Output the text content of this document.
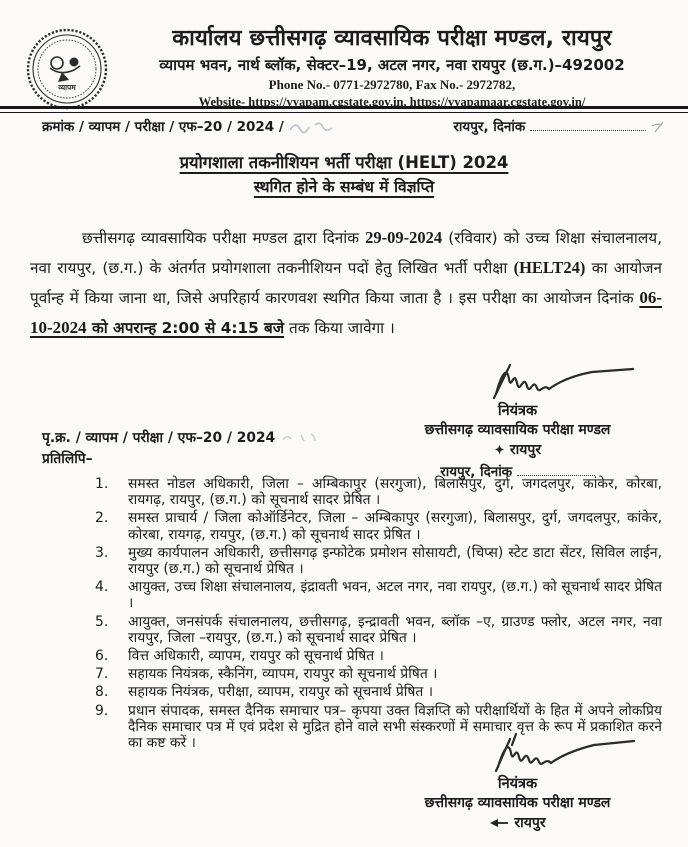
व्यापम
कार्यालय छत्तीसगढ़ व्यावसायिक परीक्षा मण्डल, रायपुर
व्यापम भवन, नार्थ ब्लॉक, सेक्टर–19, अटल नगर, नवा रायपुर (छ.ग.)–492002
Phone No.- 0771-2972780, Fax No.- 2972782,
Website- https://vyapam.cgstate.gov.in, https://vyapamaar.cgstate.gov.in/
क्रमांक / व्यापम / परीक्षा / एफ–20 / 2024 /	रायपुर, दिनांक
प्रयोगशाला तकनीशियन भर्ती परीक्षा (HELT) 2024
स्थगित होने के सम्बंध में विज्ञप्ति
छत्तीसगढ़ व्यावसायिक परीक्षा मण्डल द्वारा दिनांक 29-09-2024 (रविवार) को उच्च शिक्षा संचालनालय, नवा रायपुर, (छ.ग.) के अंतर्गत प्रयोगशाला तकनीशियन पदों हेतु लिखित भर्ती परीक्षा (HELT24) का आयोजन पूर्वान्ह में किया जाना था, जिसे अपरिहार्य कारणवश स्थगित किया जाता है । इस परीक्षा का आयोजन दिनांक 06-10-2024 को अपरान्ह 2:00 से 4:15 बजे तक किया जावेगा ।
नियंत्रक
छत्तीसगढ़ व्यावसायिक परीक्षा मण्डल
रायपुर
रायपुर, दिनांक
पृ.क्र. / व्यापम / परीक्षा / एफ–20 / 2024
प्रतिलिपि–
1.	समस्त नोडल अधिकारी, जिला – अम्बिकापुर (सरगुजा), बिलासपुर, दुर्ग, जगदलपुर, कांकेर, कोरबा, रायगढ़, रायपुर, (छ.ग.) को सूचनार्थ सादर प्रेषित ।
2.	समस्त प्राचार्य / जिला कोऑर्डिनेटर, जिला – अम्बिकापुर (सरगुजा), बिलासपुर, दुर्ग, जगदलपुर, कांकेर, कोरबा, रायगढ़, रायपुर, (छ.ग.) को सूचनार्थ सादर प्रेषित ।
3.	मुख्य कार्यपालन अधिकारी, छत्तीसगढ़ इन्फोटेक प्रमोशन सोसायटी, (चिप्स) स्टेट डाटा सेंटर, सिविल लाईन, रायपुर (छ.ग.) को सूचनार्थ प्रेषित ।
4.	आयुक्त, उच्च शिक्षा संचालनालय, इंद्रावती भवन, अटल नगर, नवा रायपुर, (छ.ग.) को सूचनार्थ सादर प्रेषित ।
5.	आयुक्त, जनसंपर्क संचालनालय, छत्तीसगढ़, इन्द्रावती भवन, ब्लॉक –ए, ग्राउण्ड फ्लोर, अटल नगर, नवा रायपुर, जिला –रायपुर, (छ.ग.) को सूचनार्थ सादर प्रेषित ।
6.	वित्त अधिकारी, व्यापम, रायपुर को सूचनार्थ प्रेषित ।
7.	सहायक नियंत्रक, स्कैनिंग, व्यापम, रायपुर को सूचनार्थ प्रेषित ।
8.	सहायक नियंत्रक, परीक्षा, व्यापम, रायपुर को सूचनार्थ प्रेषित ।
9.	प्रधान संपादक, समस्त दैनिक समाचार पत्र– कृपया उक्त विज्ञप्ति को परीक्षार्थियों के हित में अपने लोकप्रिय दैनिक समाचार पत्र में एवं प्रदेश से मुद्रित होने वाले सभी संस्करणों में समाचार वृत्त के रूप में प्रकाशित करने का कष्ट करें ।
नियंत्रक
छत्तीसगढ़ व्यावसायिक परीक्षा मण्डल
रायपुर
